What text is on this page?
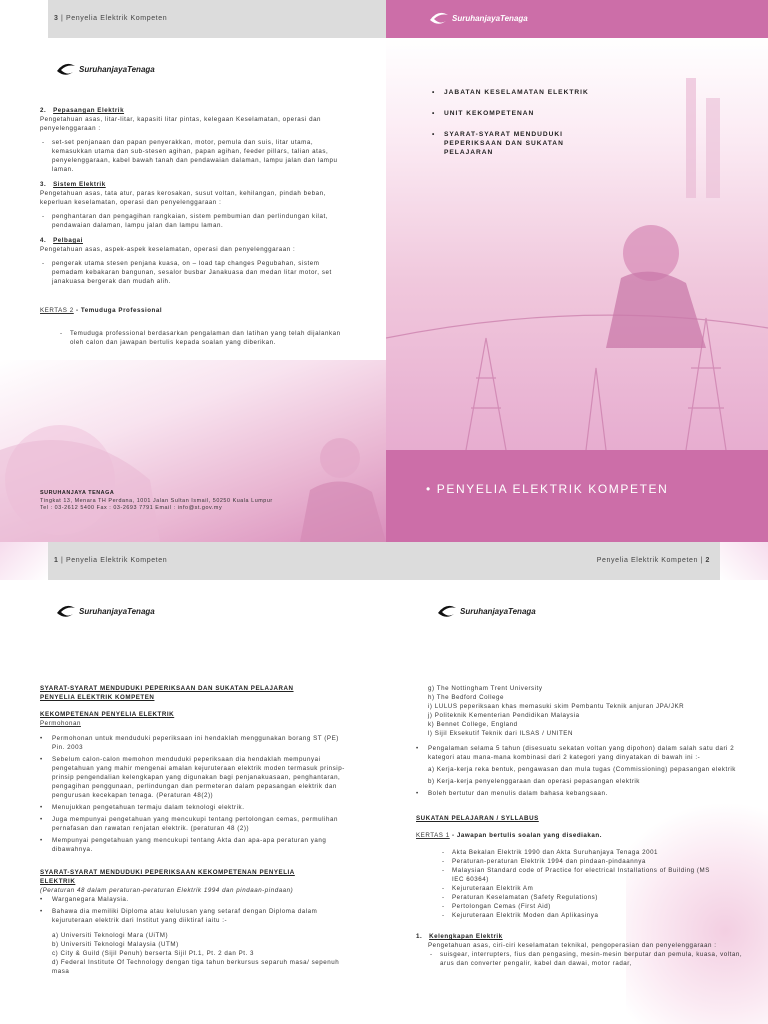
3 | Penyelia Elektrik Kompeten
SuruhanjayaTenaga
2. Pepasangan Elektrik

Pengetahuan asas, litar-litar, kapasiti litar pintas, kelegaan Keselamatan, operasi dan penyelenggaraan :

- set-set penjanaan dan papan penyerakkan, motor, pemula dan suis, litar utama, kemasukkan utama dan sub-stesen agihan, papan agihan, feeder pillars, talian atas, penyelenggaraan, kabel bawah tanah dan pendawaian dalaman, lampu jalan dan lampu laman.
3. Sistem Elektrik

Pengetahuan asas, tata atur, paras kerosakan, susut voltan, kehilangan, pindah beban, keperluan keselamatan, operasi dan penyelenggaraan :

- penghantaran dan pengagihan rangkaian, sistem pembumian dan perlindungan kilat, pendawaian dalaman, lampu jalan dan lampu laman.
4. Pelbagai

Pengetahuan asas, aspek-aspek keselamatan, operasi dan penyelenggaraan :

- pengerak utama stesen penjana kuasa, on – load tap changes Pegubahan, sistem pemadam kebakaran bangunan, sesalor busbar Janakuasa dan medan litar motor, set janakuasa bergerak dan mudah alih.
KERTAS 2 - Temuduga Professional
- Temuduga professional berdasarkan pengalaman dan latihan yang telah dijalankan oleh calon dan jawapan bertulis kepada soalan yang diberikan.
SURUHANJAYA TENAGA
Tingkat 13, Menara TH Perdana, 1001 Jalan Sultan Ismail, 50250 Kuala Lumpur
Tel : 03-2612 5400 Fax : 03-2693 7791 Email : info@st.gov.my
SuruhanjayaTenaga
• JABATAN KESELAMATAN ELEKTRIK
• UNIT KEKOMPETENAN
• SYARAT-SYARAT MENDUDUKI PEPERIKSAAN DAN SUKATAN PELAJARAN
• PENYELIA ELEKTRIK KOMPETEN
1 | Penyelia Elektrik Kompeten
SuruhanjayaTenaga

SYARAT-SYARAT MENDUDUKI PEPERIKSAAN DAN SUKATAN PELAJARAN PENYELIA ELEKTRIK KOMPETEN

KEKOMPETENAN PENYELIA ELEKTRIK

Permohonan

• Permohonan untuk menduduki peperiksaan ini hendaklah menggunakan borang ST (PE) Pin. 2003
• Sebelum calon-calon memohon menduduki peperiksaan dia hendaklah mempunyai pengetahuan yang mahir mengenai amalan kejuruteraan elektrik moden termasuk prinsip-prinsip pengendalian kelengkapan yang digunakan bagi penjanakuasaan, penghantaran, pengagihan penggunaan, perlindungan dan permeteran dalam pepasangan elektrik dan pengurusan kecekapan tenaga. (Peraturan 48(2))
• Menujukkan pengetahuan termaju dalam teknologi elektrik.
• Juga mempunyai pengetahuan yang mencukupi tentang pertolongan cemas, permulihan pernafasan dan rawatan renjatan elektrik. (peraturan 48 (2))
• Mempunyai pengetahuan yang mencukupi tentang Akta dan apa-apa peraturan yang dibawahnya.
SYARAT-SYARAT MENDUDUKI PEPERIKSAAN KEKOMPETENAN PENYELIA ELEKTRIK
(Peraturan 48 dalam peraturan-peraturan Elektrik 1994 dan pindaan-pindaan)
• Warganegara Malaysia.
• Bahawa dia memiliki Diploma atau kelulusan yang setaraf dengan Diploma dalam kejuruteraan elektrik dari Institut yang diiktiraf iaitu :-
a) Universiti Teknologi Mara (UiTM)
b) Universiti Teknologi Malaysia (UTM)
c) City & Guild (Sijil Penuh) berserta Sijil Pt.1, Pt. 2 dan Pt. 3
d) Federal Institute Of Technology dengan tiga tahun berkursus separuh masa/ sepenuh masa
Penyelia Elektrik Kompeten | 2
SuruhanjayaTenaga
g) The Nottingham Trent University
h) The Bedford College
i) LULUS peperiksaan khas memasuki skim Pembantu Teknik anjuran JPA/JKR
j) Politeknik Kementerian Pendidikan Malaysia
k) Bennet College, England
l) Sijil Eksekutif Teknik dari ILSAS / UNITEN
• Pengalaman selama 5 tahun (disesuatu sekatan voltan yang dipohon) dalam salah satu dari 2 kategori atau mana-mana kombinasi dari 2 kategori yang dinyatakan di bawah ini :-
a) Kerja-kerja reka bentuk, pengawasan dan mula tugas (Commissioning) pepasangan elektrik
b) Kerja-kerja penyelenggaraan dan operasi pepasangan elektrik
• Boleh bertutur dan menulis dalam bahasa kebangsaan.
SUKATAN PELAJARAN / SYLLABUS
KERTAS 1 - Jawapan bertulis soalan yang disediakan.
- Akta Bekalan Elektrik 1990 dan Akta Suruhanjaya Tenaga 2001
- Peraturan-peraturan Elektrik 1994 dan pindaan-pindaannya
- Malaysian Standard code of Practice for electrical Installations of Building (MS IEC 60364)
- Kejuruteraan Elektrik Am
- Peraturan Keselamatan (Safety Regulations)
- Pertolongan Cemas (First Aid)
- Kejuruteraan Elektrik Moden dan Aplikasinya
1. Kelengkapan Elektrik
Pengetahuan asas, ciri-ciri keselamatan teknikal, pengoperasian dan penyelenggaraan :
- suisgear, interrupters, fius dan pengasing, mesin-mesin berputar dan pemula, kuasa, voltan, arus dan converter pengalir, kabel dan dawai, motor radar,
